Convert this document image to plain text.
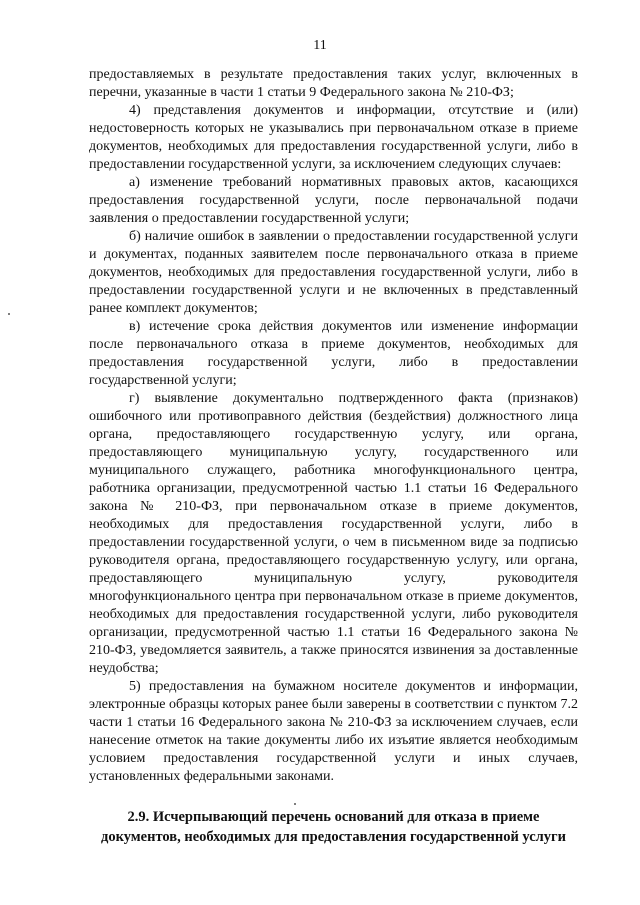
11

предоставляемых в результате предоставления таких услуг, включенных в перечни, указанные в части 1 статьи 9 Федерального закона № 210-ФЗ;

4) представления документов и информации, отсутствие и (или) недостоверность которых не указывались при первоначальном отказе в приеме документов, необходимых для предоставления государственной услуги, либо в предоставлении государственной услуги, за исключением следующих случаев:

а) изменение требований нормативных правовых актов, касающихся предоставления государственной услуги, после первоначальной подачи заявления о предоставлении государственной услуги;

б) наличие ошибок в заявлении о предоставлении государственной услуги и документах, поданных заявителем после первоначального отказа в приеме документов, необходимых для предоставления государственной услуги, либо в предоставлении государственной услуги и не включенных в представленный ранее комплект документов;

в) истечение срока действия документов или изменение информации после первоначального отказа в приеме документов, необходимых для предоставления государственной услуги, либо в предоставлении государственной услуги;

г) выявление документально подтвержденного факта (признаков) ошибочного или противоправного действия (бездействия) должностного лица органа, предоставляющего государственную услугу, или органа, предоставляющего муниципальную услугу, государственного или муниципального служащего, работника многофункционального центра, работника организации, предусмотренной частью 1.1 статьи 16 Федерального закона № 210-ФЗ, при первоначальном отказе в приеме документов, необходимых для предоставления государственной услуги, либо в предоставлении государственной услуги, о чем в письменном виде за подписью руководителя органа, предоставляющего государственную услугу, или органа, предоставляющего муниципальную услугу, руководителя многофункционального центра при первоначальном отказе в приеме документов, необходимых для предоставления государственной услуги, либо руководителя организации, предусмотренной частью 1.1 статьи 16 Федерального закона № 210-ФЗ, уведомляется заявитель, а также приносятся извинения за доставленные неудобства;

5) предоставления на бумажном носителе документов и информации, электронные образцы которых ранее были заверены в соответствии с пунктом 7.2 части 1 статьи 16 Федерального закона № 210-ФЗ за исключением случаев, если нанесение отметок на такие документы либо их изъятие является необходимым условием предоставления государственной услуги и иных случаев, установленных федеральными законами.

2.9. Исчерпывающий перечень оснований для отказа в приеме документов, необходимых для предоставления государственной услуги
